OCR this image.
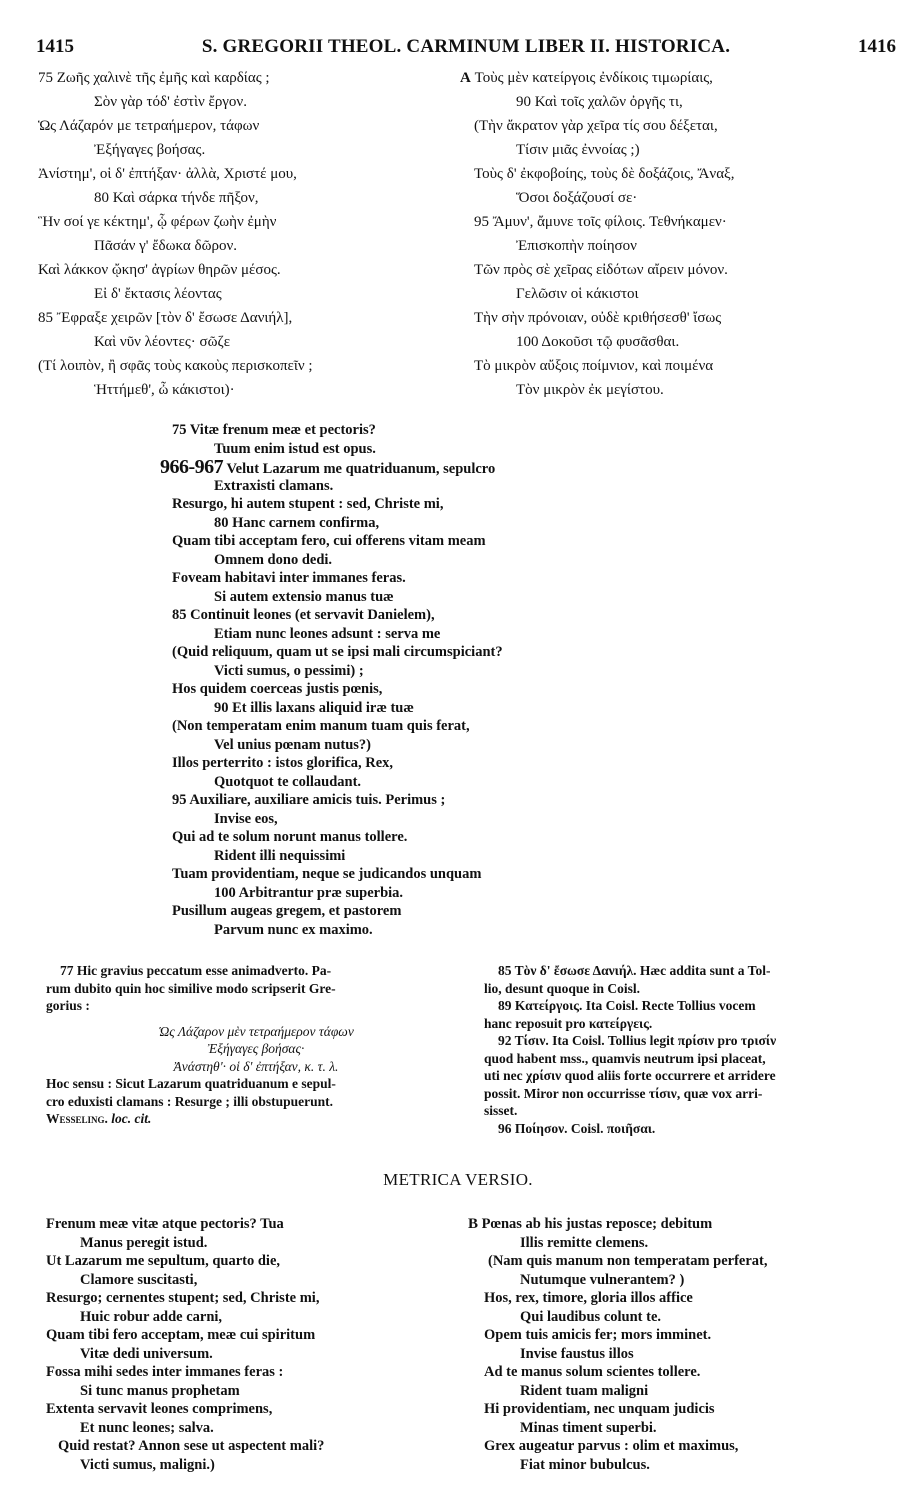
1415	S. GREGORII THEOL. CARMINUM LIBER II. HISTORICA.	1416
75 Ζωῆς χαλινὲ τῆς ἐμῆς καὶ καρδίας ;
Σὸν γὰρ τόδ' ἐστὶν ἔργον.
Ὡς Λάζαρόν με τετραήμερον, τάφων
Ἐξήγαγες βοήσας.
Ἀνίστημ', οἱ δ' ἐπτήξαν· ἀλλὰ, Χριστέ μου,
80 Καὶ σάρκα τήνδε πῆξον,
Ἣν σοί γε κέκτημ', ᾧ φέρων ζωὴν ἐμὴν
Πᾶσάν γ' ἔδωκα δῶρον.
Καὶ λάκκον ᾤκησ' ἀγρίων θηρῶν μέσος.
Εἰ δ' ἔκτασις λέοντας
85 Ἔφραξε χειρῶν [τὸν δ' ἔσωσε Δανιήλ],
Καὶ νῦν λέοντες· σῶζε
(Τί λοιπὸν, ἢ σφᾶς τοὺς κακοὺς περισκοπεῖν ;
Ἡττήμεθ', ὦ κάκιστοι)·
A Τοὺς μὲν κατείργοις ἐνδίκοις τιμωρίαις,
90 Καὶ τοῖς χαλῶν ὀργῆς τι,
(Τὴν ἄκρατον γὰρ χεῖρα τίς σου δέξεται,
Τίσιν μιᾶς ἐννοίας ;)
Τοὺς δ' ἐκφοβοίης, τοὺς δὲ δοξάζοις, Ἄναξ,
Ὅσοι δοξάζουσί σε·
95 Ἄμυν', ἄμυνε τοῖς φίλοις. Τεθνήκαμεν·
Ἐπισκοπὴν ποίησον
Τῶν πρὸς σὲ χεῖρας εἰδότων αἴρειν μόνον.
Γελῶσιν οἱ κάκιστοι
Τὴν σὴν πρόνοιαν, οὐδὲ κριθήσεσθ' ἴσως
100 Δοκοῦσι τῷ φυσᾶσθαι.
Τὸ μικρὸν αὔξοις ποίμνιον, καὶ ποιμένα
Τὸν μικρὸν ἐκ μεγίστου.
75 Vitæ frenum meæ et pectoris?
Tuum enim istud est opus.
966-967 Velut Lazarum me quatriduanum, sepulcro
Extraxisti clamans.
Resurgo, hi autem stupent : sed, Christe mi,
80 Hanc carnem confirma,
Quam tibi acceptam fero, cui offerens vitam meam
Omnem dono dedi.
Foveam habitavi inter immanes feras.
Si autem extensio manus tuæ
85 Continuit leones (et servavit Danielem),
Etiam nunc leones adsunt : serva me
(Quid reliquum, quam ut se ipsi mali circumspiciant?
Victi sumus, o pessimi) ;
Hos quidem coerceas justis pœnis,
90 Et illis laxans aliquid iræ tuæ
(Non temperatam enim manum tuam quis ferat,
Vel unius pœnam nutus?)
Illos perterrito : istos glorifica, Rex,
Quotquot te collaudant.
95 Auxiliare, auxiliare amicis tuis. Perimus ;
Invise eos,
Qui ad te solum norunt manus tollere.
Rident illi nequissimi
Tuam providentiam, neque se judicandos unquam
100 Arbitrantur præ superbia.
Pusillum augeas gregem, et pastorem
Parvum nunc ex maximo.
77 Hic gravius peccatum esse animadverto. Pa-
rum dubito quin hoc similive modo scripserit Gre-
gorius :
Ὡς Λάζαρον μὲν τετραήμερον τάφων
Ἐξήγαγες βοήσας·
Ἀνάστηθ'· οἱ δ' ἐπτήξαν, κ. τ. λ.
Hoc sensu : Sicut Lazarum quatriduanum e sepul-
cro eduxisti clamans : Resurge ; illi obstupuerunt.
Wesseling. loc. cit.
85 Τὸν δ' ἔσωσε Δανιήλ. Hæc addita sunt a Tol-
lio, desunt quoque in Coisl.
89 Κατείργοις. Ita Coisl. Recte Tollius vocem
hanc reposuit pro κατείργεις.
92 Τίσιν. Ita Coisl. Tollius legit πρίσιν pro τρισίν
quod habent mss., quamvis neutrum ipsi placeat,
uti nec χρίσιν quod aliis forte occurrere et arridere
possit. Miror non occurrisse τίσιν, quæ vox arri-
sisset.
96 Ποίησον. Coisl. ποιῆσαι.
METRICA VERSIO.
Frenum meæ vitæ atque pectoris? Tua
Manus peregit istud.
Ut Lazarum me sepultum, quarto die,
Clamore suscitasti,
Resurgo; cernentes stupent; sed, Christe mi,
Huic robur adde carni,
Quam tibi fero acceptam, meæ cui spiritum
Vitæ dedi universum.
Fossa mihi sedes inter immanes feras :
Si tunc manus prophetam
Extenta servavit leones comprimens,
Et nunc leones; salva.
Quid restat? Annon sese ut aspectent mali?
Victi sumus, maligni.)
B Pœnas ab his justas reposce; debitum
Illis remitte clemens.
(Nam quis manum non temperatam perferat,
Nutumque vulnerantem? )
Hos, rex, timore, gloria illos affice
Qui laudibus colunt te.
Opem tuis amicis fer; mors imminet.
Invise faustus illos
Ad te manus solum scientes tollere.
Rident tuam maligni
Hi providentiam, nec unquam judicis
Minas timent superbi.
Grex augeatur parvus : olim et maximus,
Fiat minor bubulcus.
